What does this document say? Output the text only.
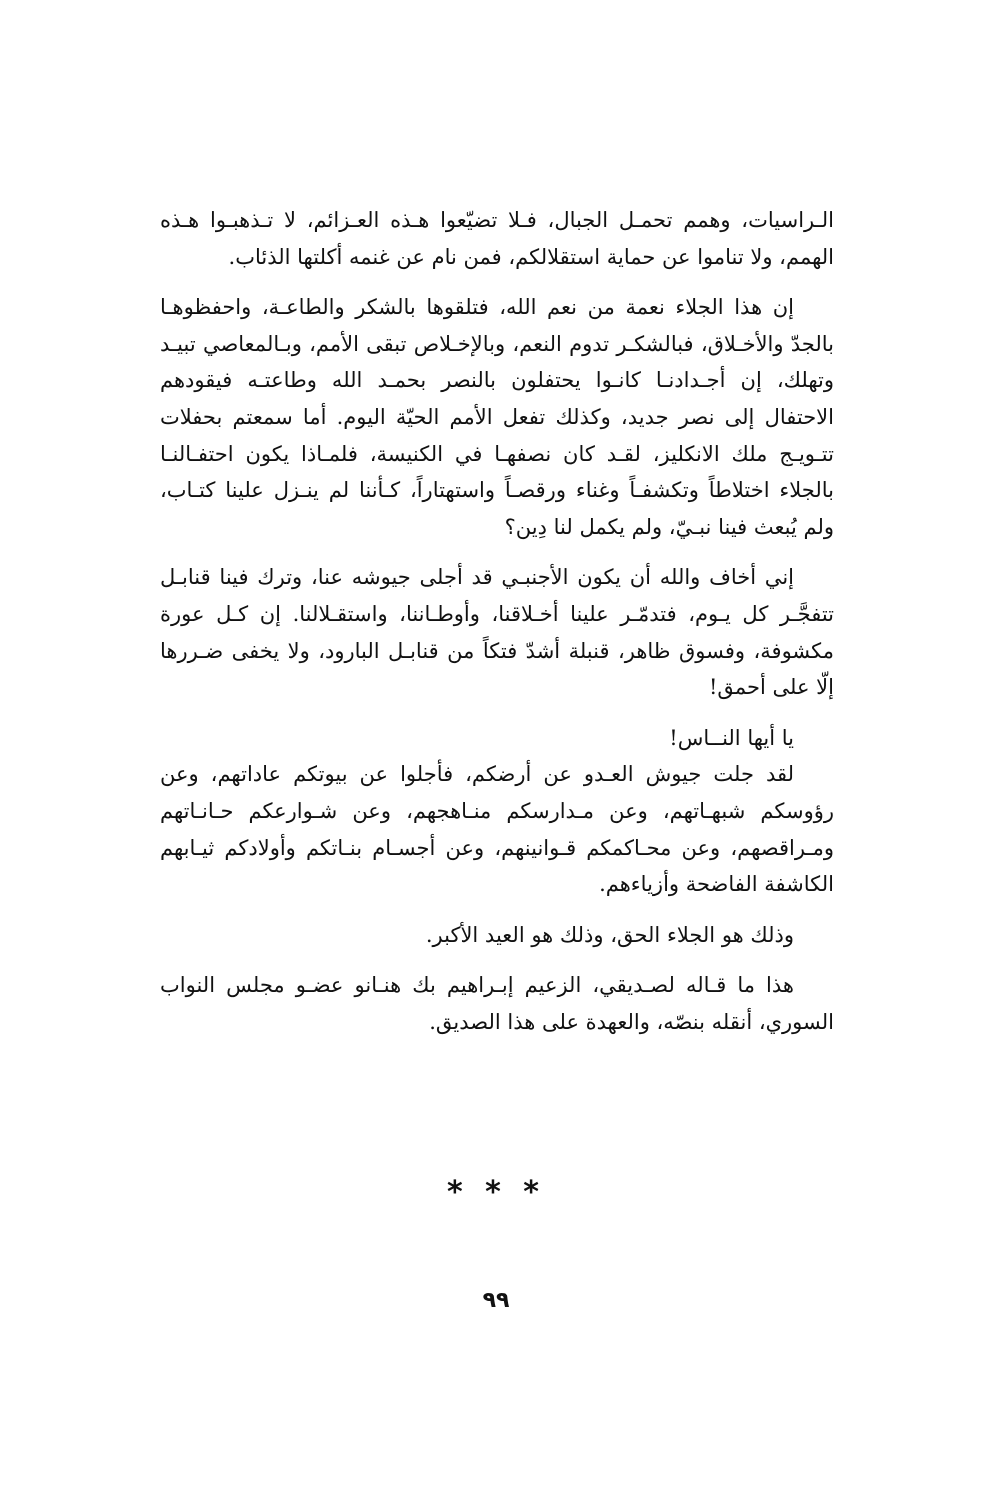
الـراسيات، وهمم تحمـل الجبال، فـلا تضيّعوا هـذه العـزائم، لا تـذهبـوا هـذه الهمم، ولا تناموا عن حماية استقلالكم، فمن نام عن غنمه أكلتها الذئاب.

إن هذا الجلاء نعمة من نعم الله، فتلقوها بالشكر والطاعـة، واحفظوهـا بالجدّ والأخـلاق، فبالشكـر تدوم النعم، وبالإخـلاص تبقى الأمم، وبـالمعاصي تبيـد وتهلك، إن أجـدادنـا كانـوا يحتفلون بالنصر بحمـد الله وطاعتـه فيقودهم الاحتفال إلى نصر جديد، وكذلك تفعل الأمم الحيّة اليوم. أما سمعتم بحفلات تتـويـج ملك الانكليز، لقـد كان نصفهـا في الكنيسة، فلمـاذا يكون احتفـالنـا بالجلاء اختلاطاً وتكشفـاً وغناء ورقصـاً واستهتاراً، كـأننا لم ينـزل علينا كتـاب، ولم يُبعث فينا نبـيّ، ولم يكمل لنا دِين؟

إني أخاف والله أن يكون الأجنبـي قد أجلى جيوشه عنا، وترك فينا قنابـل تتفجَّـر كل يـوم، فتدمّـر علينا أخـلاقنا، وأوطـاننا، واستقـلالنا. إن كـل عورة مكشوفة، وفسوق ظاهر، قنبلة أشدّ فتكاً من قنابـل البارود، ولا يخفى ضـررها إلّا على أحمق!

يا أيها النــاس!

لقد جلت جيوش العـدو عن أرضكم، فأجلوا عن بيوتكم عاداتهم، وعن رؤوسكم شبهـاتهم، وعن مـدارسكم منـاهجهم، وعن شـوارعكم حـانـاتهم ومـراقصهم، وعن محـاكمكم قـوانينهم، وعن أجسـام بنـاتكم وأولادكم ثيـابهم الكاشفة الفاضحة وأزياءهم.

وذلك هو الجلاء الحق، وذلك هو العيد الأكبر.

هذا ما قـاله لصـديقي، الزعيم إبـراهيم بك هنـانو عضـو مجلس النواب السوري، أنقله بنصّه، والعهدة على هذا الصديق.

* * *
٩٩
